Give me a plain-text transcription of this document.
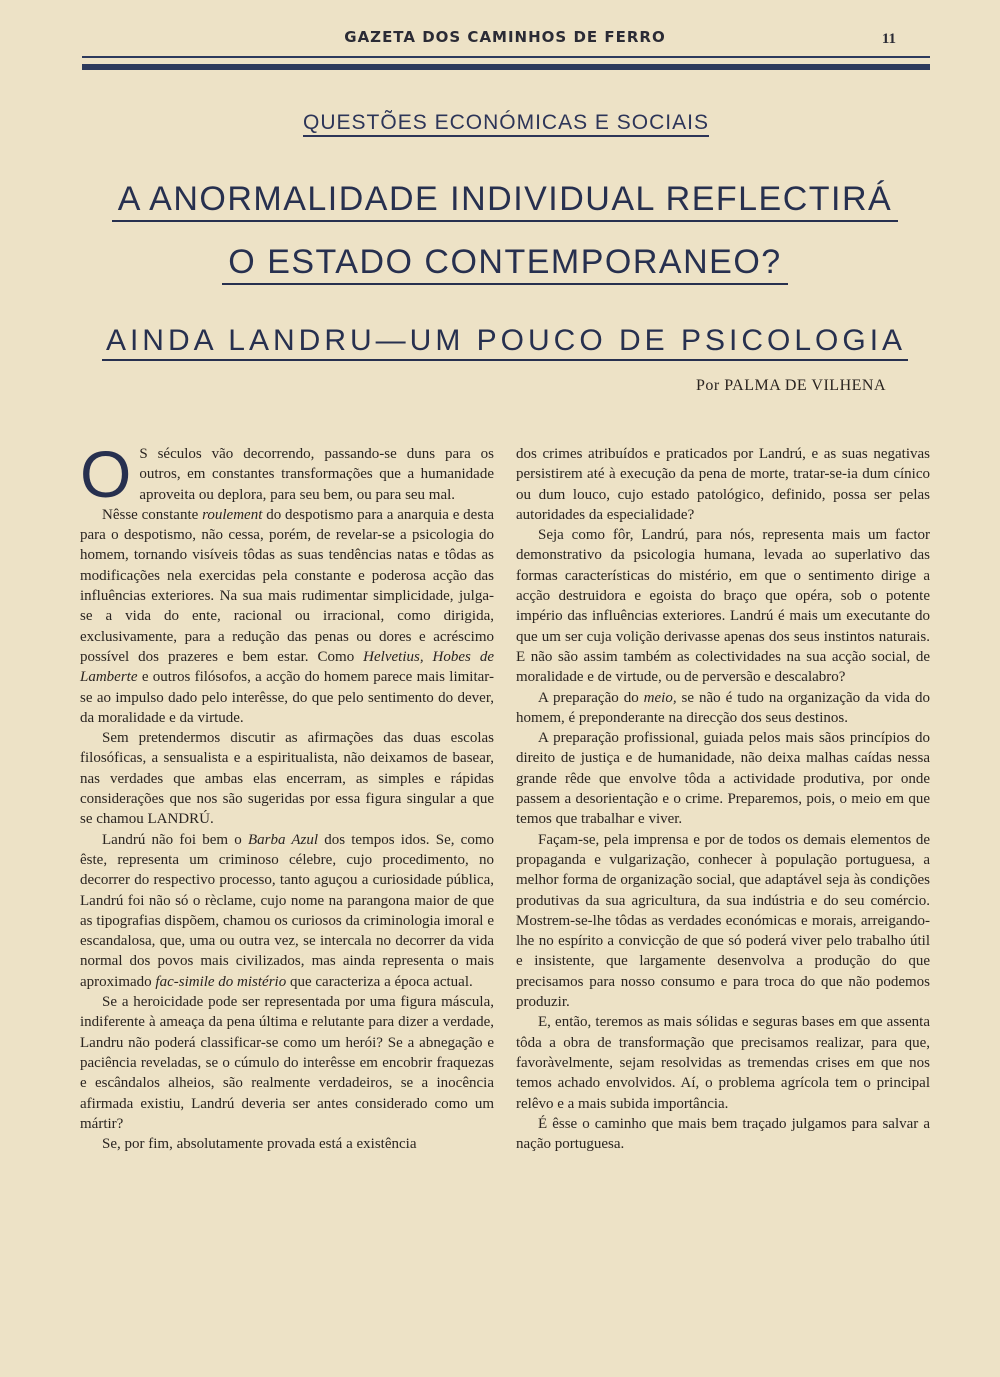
GAZETA DOS CAMINHOS DE FERRO	11
QUESTÕES ECONÓMICAS E SOCIAIS
A ANORMALIDADE INDIVIDUAL REFLECTIRÁ
O ESTADO CONTEMPORANEO?
AINDA LANDRU—UM POUCO DE PSICOLOGIA
Por PALMA DE VILHENA

O S séculos vão decorrendo, passando-se duns para os outros, em constantes transformações que a humanidade aproveita ou deplora, para seu bem, ou para seu mal.

Nêsse constante roulement do despotismo para a anarquia e desta para o despotismo, não cessa, porém, de revelar-se a psicologia do homem, tornando visíveis tôdas as suas tendências natas e tôdas as modificações nela exercidas pela constante e poderosa acção das influências exteriores. Na sua mais rudimentar simplicidade, julga-se a vida do ente, racional ou irracional, como dirigida, exclusivamente, para a redução das penas ou dores e acréscimo possível dos prazeres e bem estar. Como Helvetius, Hobes de Lamberte e outros filósofos, a acção do homem parece mais limitar-se ao impulso dado pelo interêsse, do que pelo sentimento do dever, da moralidade e da virtude.

Sem pretendermos discutir as afirmações das duas escolas filosóficas, a sensualista e a espiritualista, não deixamos de basear, nas verdades que ambas elas encerram, as simples e rápidas considerações que nos são sugeridas por essa figura singular a que se chamou LANDRÚ.

Landrú não foi bem o Barba Azul dos tempos idos. Se, como êste, representa um criminoso célebre, cujo procedimento, no decorrer do respectivo processo, tanto aguçou a curiosidade pública, Landrú foi não só o rèclame, cujo nome na parangona maior de que as tipografias dispõem, chamou os curiosos da criminologia imoral e escandalosa, que, uma ou outra vez, se intercala no decorrer da vida normal dos povos mais civilizados, mas ainda representa o mais aproximado fac-simile do mistério que caracteriza a época actual.

Se a heroicidade pode ser representada por uma figura máscula, indiferente à ameaça da pena última e relutante para dizer a verdade, Landru não poderá classificar-se como um herói? Se a abnegação e paciência reveladas, se o cúmulo do interêsse em encobrir fraquezas e escândalos alheios, são realmente verdadeiros, se a inocência afirmada existiu, Landrú deveria ser antes considerado como um mártir?

Se, por fim, absolutamente provada está a existência

dos crimes atribuídos e praticados por Landrú, e as suas negativas persistirem até à execução da pena de morte, tratar-se-ia dum cínico ou dum louco, cujo estado patológico, definido, possa ser pelas autoridades da especialidade?

Seja como fôr, Landrú, para nós, representa mais um factor demonstrativo da psicologia humana, levada ao superlativo das formas características do mistério, em que o sentimento dirige a acção destruidora e egoista do braço que opéra, sob o potente império das influências exteriores. Landrú é mais um executante do que um ser cuja volição derivasse apenas dos seus instintos naturais. E não são assim também as colectividades na sua acção social, de moralidade e de virtude, ou de perversão e descalabro?

A preparação do meio, se não é tudo na organização da vida do homem, é preponderante na direcção dos seus destinos.

A preparação profissional, guiada pelos mais sãos princípios do direito de justiça e de humanidade, não deixa malhas caídas nessa grande rêde que envolve tôda a actividade produtiva, por onde passem a desorientação e o crime. Preparemos, pois, o meio em que temos que trabalhar e viver.

Façam-se, pela imprensa e por de todos os demais elementos de propaganda e vulgarização, conhecer à população portuguesa, a melhor forma de organização social, que adaptável seja às condições produtivas da sua agricultura, da sua indústria e do seu comércio. Mostrem-se-lhe tôdas as verdades económicas e morais, arreigando-lhe no espírito a convicção de que só poderá viver pelo trabalho útil e insistente, que largamente desenvolva a produção do que precisamos para nosso consumo e para troca do que não podemos produzir.

E, então, teremos as mais sólidas e seguras bases em que assenta tôda a obra de transformação que precisamos realizar, para que, favoràvelmente, sejam resolvidas as tremendas crises em que nos temos achado envolvidos. Aí, o problema agrícola tem o principal relêvo e a mais subida importância.

É êsse o caminho que mais bem traçado julgamos para salvar a nação portuguesa.
